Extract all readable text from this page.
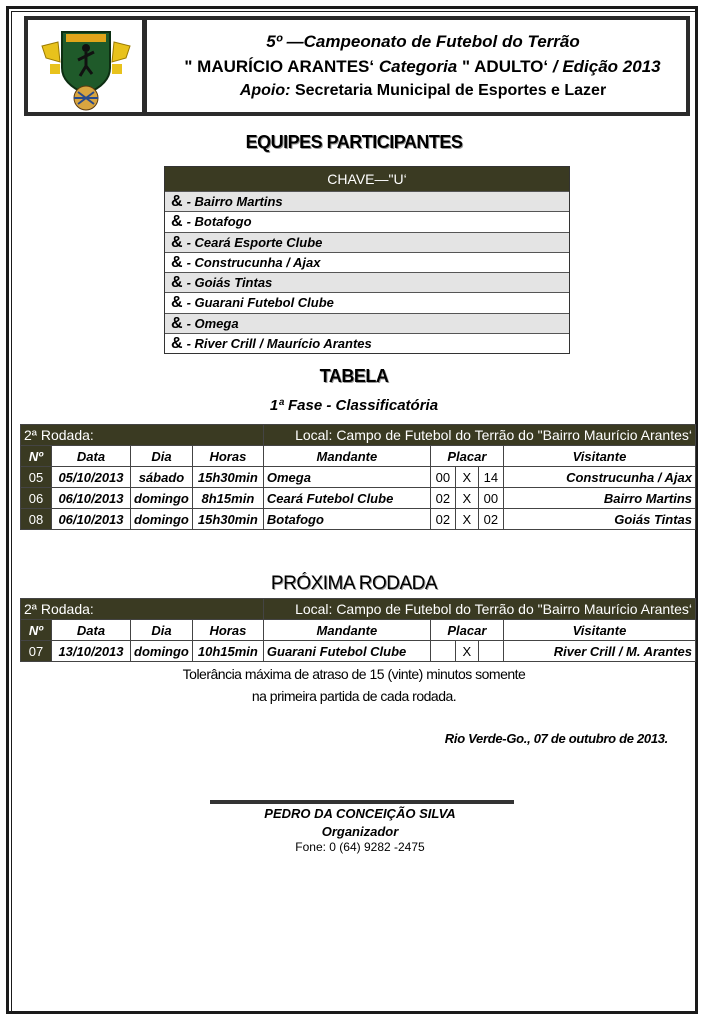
5º —Campeonato de Futebol do Terrão
" MAURÍCIO ARANTES‘ Categoria " ADULTO‘ / Edição 2013
Apoio: Secretaria Municipal de Esportes e Lazer
EQUIPES PARTICIPANTES
CHAVE—"U‘
& - Bairro Martins
& - Botafogo
& - Ceará Esporte Clube
& - Construcunha / Ajax
& - Goiás Tintas
& - Guarani Futebol Clube
& - Omega
& - River Crill / Maurício Arantes
TABELA
1ª Fase - Classificatória
2ª Rodada:				Local: Campo de Futebol do Terrão do "Bairro Maurício Arantes‘				
Nº	Data	Dia	Horas	Mandante	Placar			Visitante
05	05/10/2013	sábado	15h30min	Omega	00	X	14	Construcunha / Ajax
06	06/10/2013	domingo	8h15min	Ceará Futebol Clube	02	X	00	Bairro Martins
08	06/10/2013	domingo	15h30min	Botafogo	02	X	02	Goiás Tintas
PRÓXIMA RODADA
2ª Rodada:				Local: Campo de Futebol do Terrão do "Bairro Maurício Arantes‘				
Nº	Data	Dia	Horas	Mandante	Placar			Visitante
07	13/10/2013	domingo	10h15min	Guarani Futebol Clube		X		River Crill / M. Arantes
Tolerância máxima de atraso de 15 (vinte) minutos somente
na primeira partida de cada rodada.
Rio Verde-Go., 07 de outubro de 2013.
PEDRO DA CONCEIÇÃO SILVA
Organizador
Fone: 0 (64) 9282 -2475
